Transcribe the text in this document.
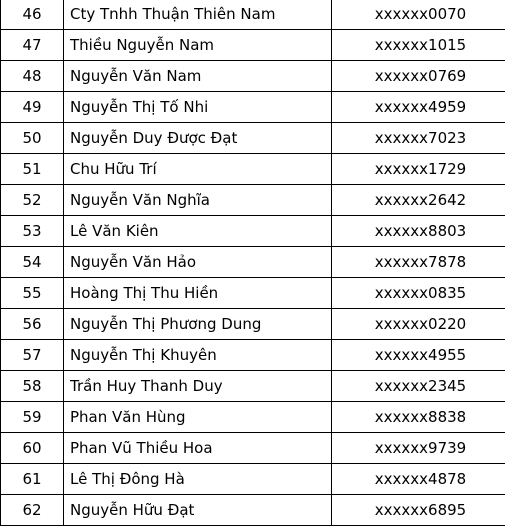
46	Cty Tnhh Thuận Thiên Nam	xxxxxx0070
47	Thiều Nguyễn Nam	xxxxxx1015
48	Nguyễn Văn Nam	xxxxxx0769
49	Nguyễn Thị Tố Nhi	xxxxxx4959
50	Nguyễn Duy Được Đạt	xxxxxx7023
51	Chu Hữu Trí	xxxxxx1729
52	Nguyễn Văn Nghĩa	xxxxxx2642
53	Lê Văn Kiên	xxxxxx8803
54	Nguyễn Văn Hảo	xxxxxx7878
55	Hoàng Thị Thu Hiền	xxxxxx0835
56	Nguyễn Thị Phương Dung	xxxxxx0220
57	Nguyễn Thị Khuyên	xxxxxx4955
58	Trần Huy Thanh Duy	xxxxxx2345
59	Phan Văn Hùng	xxxxxx8838
60	Phan Vũ Thiều Hoa	xxxxxx9739
61	Lê Thị Đông Hà	xxxxxx4878
62	Nguyễn Hữu Đạt	xxxxxx6895
